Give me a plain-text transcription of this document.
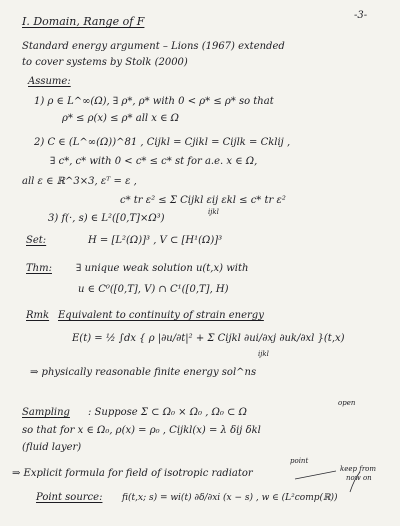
-3-
I. Domain, Range of F
Standard energy argument – Lions (1967) extended
to cover systems by Stolk (2000)
Assume:
1) ρ ∈ L^∞(Ω), ∃ ρ*, ρ* with 0 < ρ* ≤ ρ* so that
ρ* ≤ ρ(x) ≤ ρ* all x ∈ Ω
2) C ∈ (L^∞(Ω))^81 , Cijkl = Cjikl = Cijlk = Cklij ,
∃ c*, c* with 0 < c* ≤ c* st for a.e. x ∈ Ω,
all ε ∈ ℝ^3×3, εᵀ = ε ,
c* tr ε² ≤ Σ Cijkl εij εkl ≤ c* tr ε²
ijkl
3) f(·, s) ∈ L²([0,T]×Ω³)
Set:	H = [L²(Ω)]³ , V ⊂ [H¹(Ω)]³
Thm: ∃ unique weak solution u(t,x) with
u ∈ C⁰([0,T], V) ∩ C¹([0,T], H)
Rmk Equivalent to continuity of strain energy
E(t) = ½ ∫dx { ρ |∂u/∂t|² + Σ Cijkl ∂ui/∂xj ∂uk/∂xl }(t,x)
ijkl
⇒ physically reasonable finite energy sol^ns
Sampling : Suppose Σ ⊂ Ω₀ × Ω₀ , Ω₀ ⊂ Ω
open
so that for x ∈ Ω₀, ρ(x) = ρ₀ , Cijkl(x) = λ δij δkl
(fluid layer)
point
keep from
now on
⇒ Explicit formula for field of isotropic radiator
Point source: fi(t,x; s) = wi(t) ∂δ/∂xi (x − s) , w ∈ (L²comp(ℝ))
